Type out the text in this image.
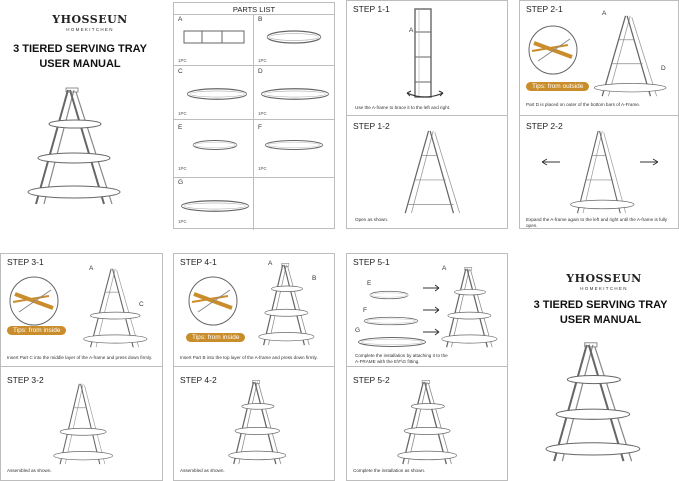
YHOSSEUN
HOMEKITCHEN
3 TIERED SERVING TRAY
USER MANUAL
PARTS LIST
A
1PC
B
1PC
C
1PC
D
1PC
E
1PC
F
1PC
G
1PC
STEP 1-1
A
Use the A-frame to brace it to the left and right.
STEP 1-2
Open as shown.
STEP 2-1
Tips: from outside
A
D
Part D is placed on outer of the bottom bars of A-Frame.
STEP 2-2
Expand the A-frame again to the left and right until the A-frame is fully open.
STEP 3-1
Tips: from inside
A
C
Insert Part C into the middle layer of the A-frame and press down firmly.
STEP 3-2
Assembled as shown.
STEP 4-1
Tips: from inside
A
B
Insert Part B into the top layer of the A-frame and press down firmly.
STEP 4-2
Assembled as shown.
STEP 5-1
A
E
F
G
Complete the installation by attaching it to the
A-FRAME with the E\F\G fitting.
STEP 5-2
Complete the installation as shown.
YHOSSEUN
HOMEKITCHEN
3 TIERED SERVING TRAY
USER MANUAL
